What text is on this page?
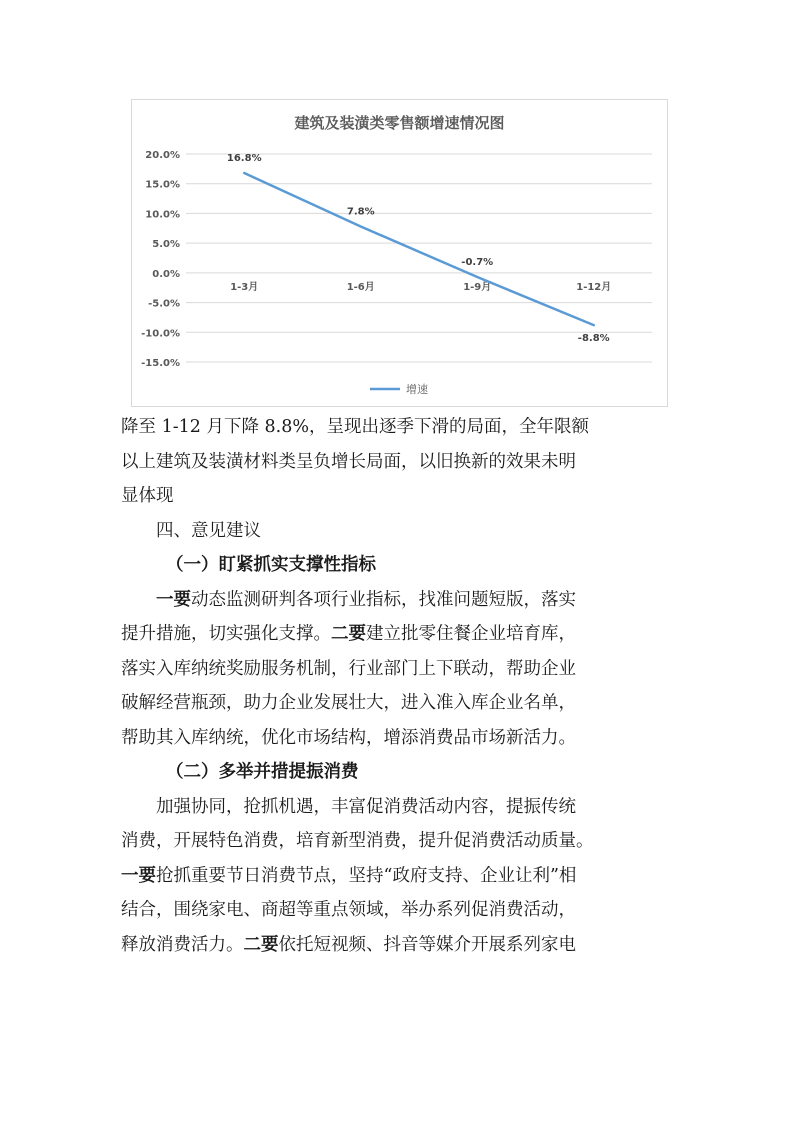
建筑及装潢类零售额增速情况图
20.0%
15.0%
10.0%
5.0%
0.0%
-5.0%
-10.0%
-15.0%
1-3月	1-6月	1-9月	1-12月
16.8%
7.8%
-0.7%
-8.8%
增速
降至 1-12 月下降 8.8%，呈现出逐季下滑的局面，全年限额
以上建筑及装潢材料类呈负增长局面，以旧换新的效果未明
显体现
四、意见建议
（一）盯紧抓实支撑性指标
一要动态监测研判各项行业指标，找准问题短版，落实
提升措施，切实强化支撑。二要建立批零住餐企业培育库，
落实入库纳统奖励服务机制，行业部门上下联动，帮助企业
破解经营瓶颈，助力企业发展壮大，进入准入库企业名单，
帮助其入库纳统，优化市场结构，增添消费品市场新活力。
（二）多举并措提振消费
加强协同，抢抓机遇，丰富促消费活动内容，提振传统
消费，开展特色消费，培育新型消费，提升促消费活动质量。
一要抢抓重要节日消费节点，坚持“政府支持、企业让利”相
结合，围绕家电、商超等重点领域，举办系列促消费活动，
释放消费活力。二要依托短视频、抖音等媒介开展系列家电
